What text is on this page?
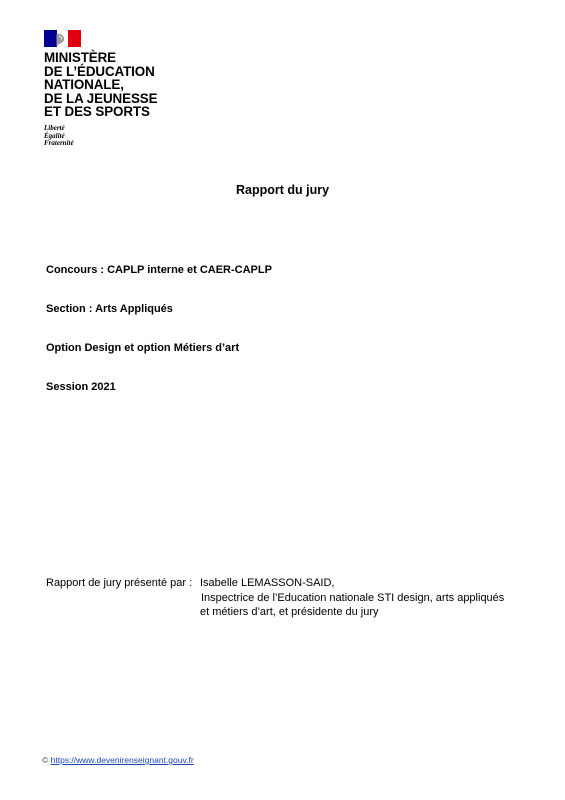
MINISTÈRE
DE L’ÉDUCATION
NATIONALE,
DE LA JEUNESSE
ET DES SPORTS
Liberté
Égalité
Fraternité
Rapport du jury
Concours : CAPLP interne et CAER-CAPLP
Section : Arts Appliqués
Option Design et option Métiers d’art
Session 2021
Rapport de jury présenté par : Isabelle LEMASSON-SAID,
Inspectrice de l’Education nationale STI design, arts appliqués
et métiers d’art, et présidente du jury
© https://www.devenirenseignant.gouv.fr
